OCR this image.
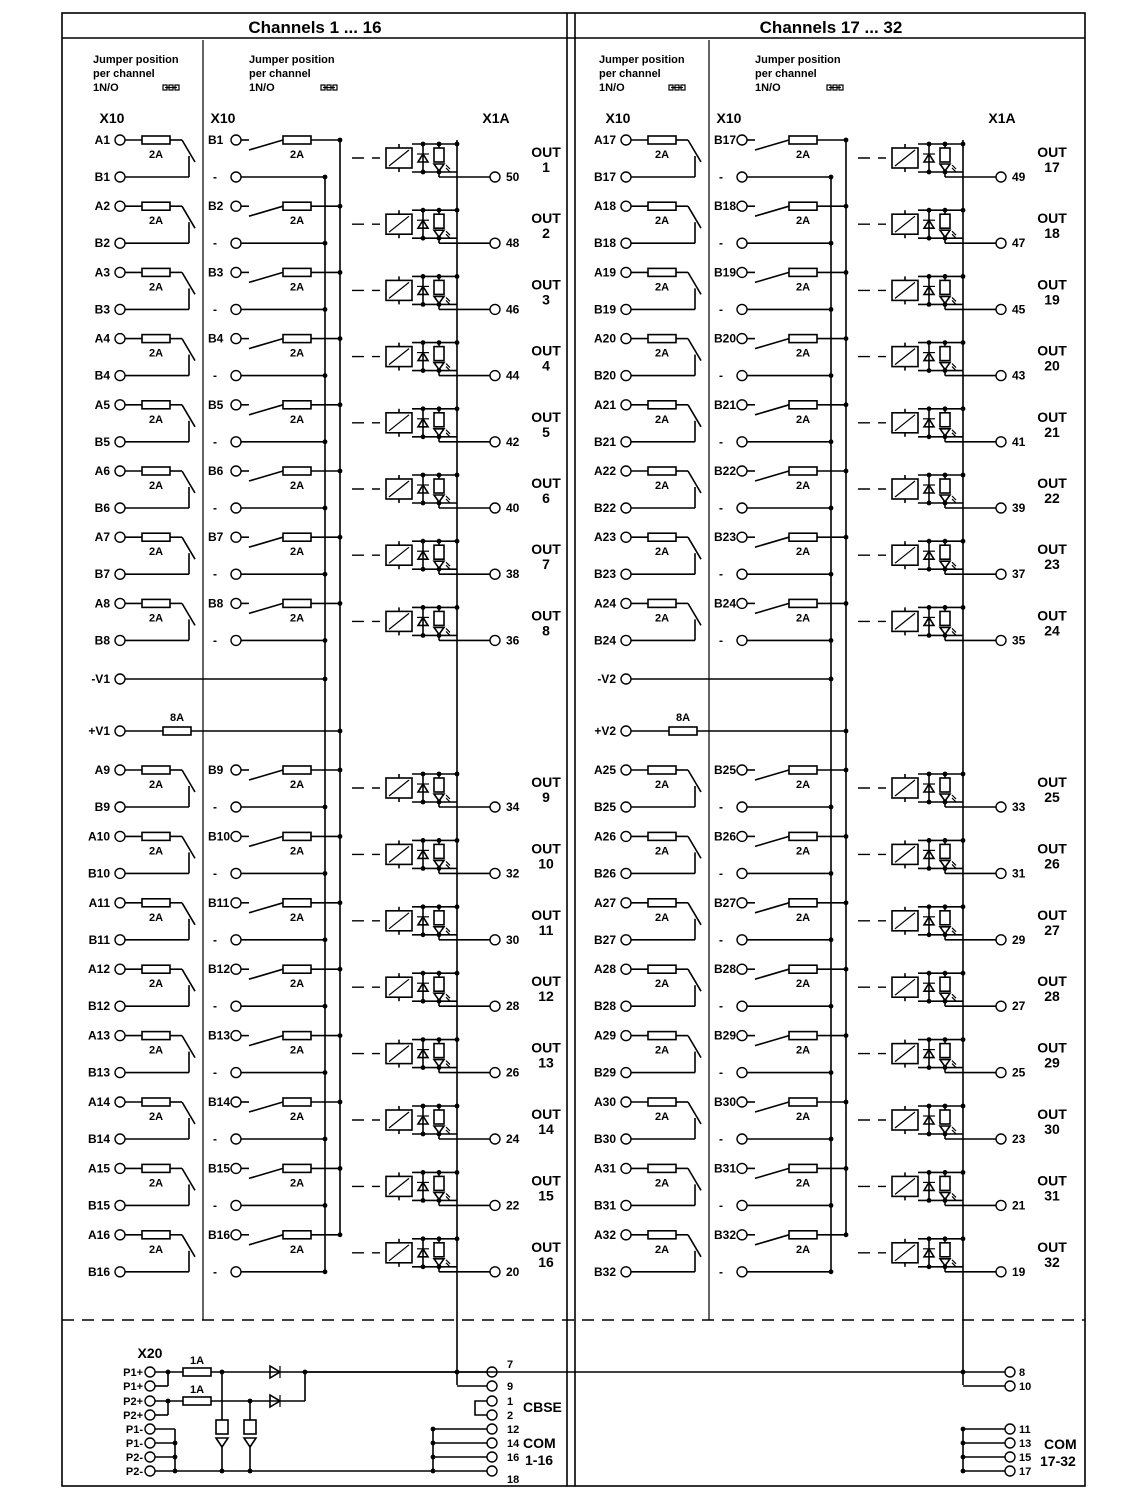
Channels 1 ... 16	Channels 17 ... 32
Jumper position
per channel
1N/O
Jumper position
per channel
1N/O
X10	X10	X1A
A1
2A
B1
B1
2A
-	50
OUT
1
A2
2A
B2
B2
2A
-	48
OUT
2
A3
2A
B3
B3
2A
-	46
OUT
3
A4
2A
B4
B4
2A
-	44
OUT
4
A5
2A
B5
B5
2A
-	42
OUT
5
A6
2A
B6
B6
2A
-	40
OUT
6
A7
2A
B7
B7
2A
-	38
OUT
7
A8
2A
B8
B8
2A
-	36
OUT
8
A9
2A
B9
B9
2A
-	34
OUT
9
A10
2A
B10
B10
2A
-	32
OUT
10
A11
2A
B11
B11
2A
-	30
OUT
11
A12
2A
B12
B12
2A
-	28
OUT
12
A13
2A
B13
B13
2A
-	26
OUT
13
A14
2A
B14
B14
2A
-	24
OUT
14
A15
2A
B15
B15
2A
-	22
OUT
15
A16
2A
B16
B16
2A
-	20
OUT
16
-V1
+V1
8A
Jumper position
per channel
1N/O
Jumper position
per channel
1N/O
X10	X10	X1A
A17
2A
B17
B17
2A
-	49
OUT
17
A18
2A
B18
B18
2A
-	47
OUT
18
A19
2A
B19
B19
2A
-	45
OUT
19
A20
2A
B20
B20
2A
-	43
OUT
20
A21
2A
B21
B21
2A
-	41
OUT
21
A22
2A
B22
B22
2A
-	39
OUT
22
A23
2A
B23
B23
2A
-	37
OUT
23
A24
2A
B24
B24
2A
-	35
OUT
24
A25
2A
B25
B25
2A
-	33
OUT
25
A26
2A
B26
B26
2A
-	31
OUT
26
A27
2A
B27
B27
2A
-	29
OUT
27
A28
2A
B28
B28
2A
-	27
OUT
28
A29
2A
B29
B29
2A
-	25
OUT
29
A30
2A
B30
B30
2A
-	23
OUT
30
A31
2A
B31
B31
2A
-	21
OUT
31
A32
2A
B32
B32
2A
-	19
OUT
32
-V2
+V2
8A
X20
P1+
P1+
P2+
P2+
P1-
P1-
P2-
P2-
1A
1A
7
9
1
2
12
14
16
18
CBSE
COM
1-16
8
10
11
13
15
17
COM
17-32
